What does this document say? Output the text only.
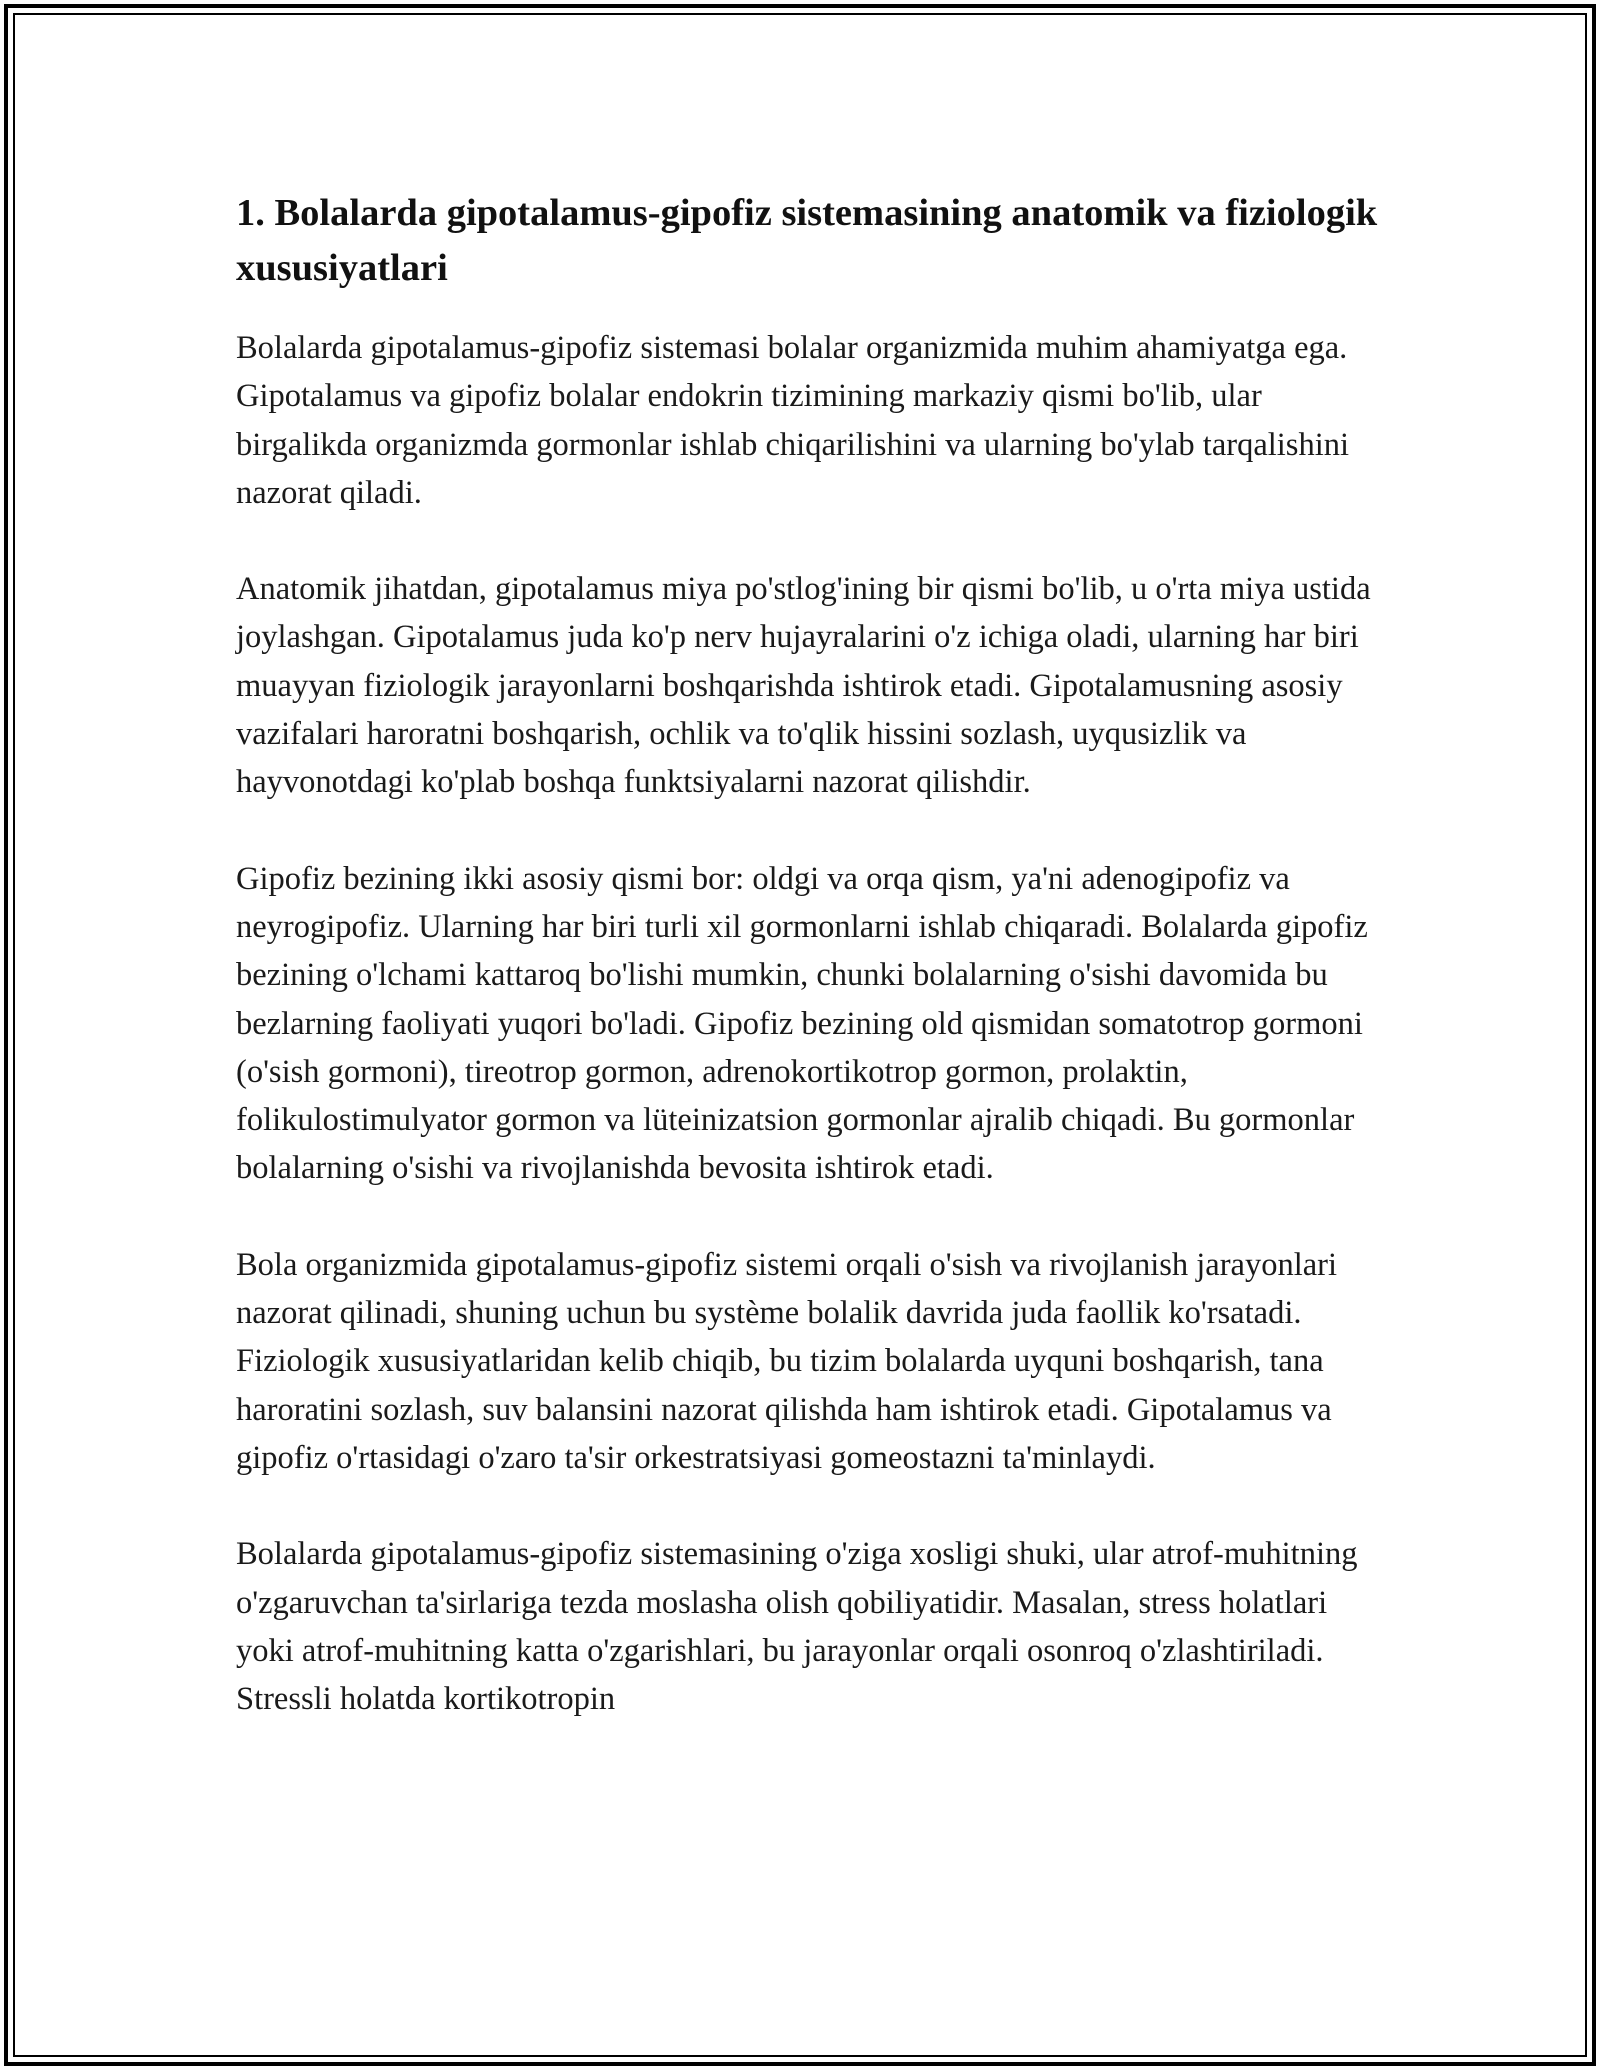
1. Bolalarda gipotalamus-gipofiz sistemasining anatomik va fiziologik xususiyatlari

Bolalarda gipotalamus-gipofiz sistemasi bolalar organizmida muhim ahamiyatga ega. Gipotalamus va gipofiz bolalar endokrin tizimining markaziy qismi bo'lib, ular birgalikda organizmda gormonlar ishlab chiqarilishini va ularning bo'ylab tarqalishini nazorat qiladi.

Anatomik jihatdan, gipotalamus miya po'stlog'ining bir qismi bo'lib, u o'rta miya ustida joylashgan. Gipotalamus juda ko'p nerv hujayralarini o'z ichiga oladi, ularning har biri muayyan fiziologik jarayonlarni boshqarishda ishtirok etadi. Gipotalamusning asosiy vazifalari haroratni boshqarish, ochlik va to'qlik hissini sozlash, uyqusizlik va hayvonotdagi ko'plab boshqa funktsiyalarni nazorat qilishdir.

Gipofiz bezining ikki asosiy qismi bor: oldgi va orqa qism, ya'ni adenogipofiz va neyrogipofiz. Ularning har biri turli xil gormonlarni ishlab chiqaradi. Bolalarda gipofiz bezining o'lchami kattaroq bo'lishi mumkin, chunki bolalarning o'sishi davomida bu bezlarning faoliyati yuqori bo'ladi. Gipofiz bezining old qismidan somatotrop gormoni (o'sish gormoni), tireotrop gormon, adrenokortikotrop gormon, prolaktin, folikulostimulyator gormon va lüteinizatsion gormonlar ajralib chiqadi. Bu gormonlar bolalarning o'sishi va rivojlanishda bevosita ishtirok etadi.

Bola organizmida gipotalamus-gipofiz sistemi orqali o'sish va rivojlanish jarayonlari nazorat qilinadi, shuning uchun bu système bolalik davrida juda faollik ko'rsatadi. Fiziologik xususiyatlaridan kelib chiqib, bu tizim bolalarda uyquni boshqarish, tana haroratini sozlash, suv balansini nazorat qilishda ham ishtirok etadi. Gipotalamus va gipofiz o'rtasidagi o'zaro ta'sir orkestratsiyasi gomeostazni ta'minlaydi.

Bolalarda gipotalamus-gipofiz sistemasining o'ziga xosligi shuki, ular atrof-muhitning o'zgaruvchan ta'sirlariga tezda moslasha olish qobiliyatidir. Masalan, stress holatlari yoki atrof-muhitning katta o'zgarishlari, bu jarayonlar orqali osonroq o'zlashtiriladi. Stressli holatda kortikotropin
